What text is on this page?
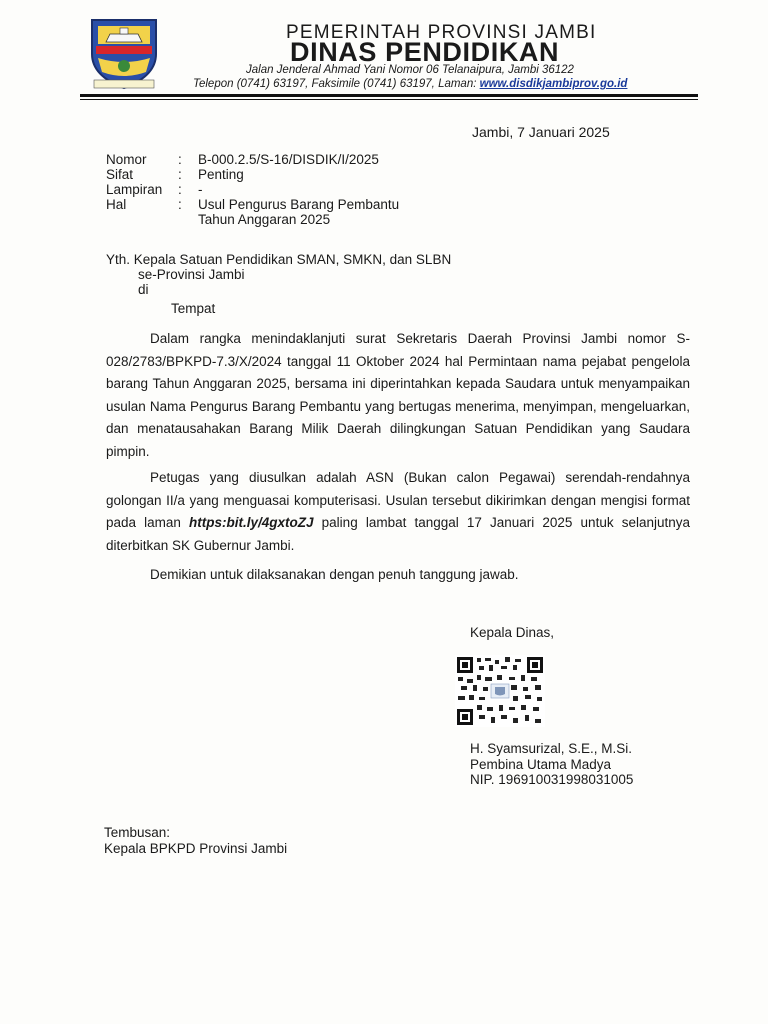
PEMERINTAH PROVINSI JAMBI
DINAS PENDIDIKAN
Jalan Jenderal Ahmad Yani Nomor 06 Telanaipura, Jambi 36122
Telepon (0741) 63197, Faksimile (0741) 63197, Laman: www.disdikjambiprov.go.id
Jambi, 7 Januari 2025
Nomor	:	B-000.2.5/S-16/DISDIK/I/2025
Sifat	:	Penting
Lampiran	:	-
Hal	:	Usul Pengurus Barang Pembantu
Tahun Anggaran 2025
Yth. Kepala Satuan Pendidikan SMAN, SMKN, dan SLBN
se-Provinsi Jambi
di
Tempat
Dalam rangka menindaklanjuti surat Sekretaris Daerah Provinsi Jambi nomor S-028/2783/BPKPD-7.3/X/2024 tanggal 11 Oktober 2024 hal Permintaan nama pejabat pengelola barang Tahun Anggaran 2025, bersama ini diperintahkan kepada Saudara untuk menyampaikan usulan Nama Pengurus Barang Pembantu yang bertugas menerima, menyimpan, mengeluarkan, dan menatausahakan Barang Milik Daerah dilingkungan Satuan Pendidikan yang Saudara pimpin.
Petugas yang diusulkan adalah ASN (Bukan calon Pegawai) serendah-rendahnya golongan II/a yang menguasai komputerisasi. Usulan tersebut dikirimkan dengan mengisi format pada laman https:bit.ly/4gxtoZJ paling lambat tanggal 17 Januari 2025 untuk selanjutnya diterbitkan SK Gubernur Jambi.
Demikian untuk dilaksanakan dengan penuh tanggung jawab.
Kepala Dinas,
H. Syamsurizal, S.E., M.Si.
Pembina Utama Madya
NIP. 196910031998031005
Tembusan:
Kepala BPKPD Provinsi Jambi
